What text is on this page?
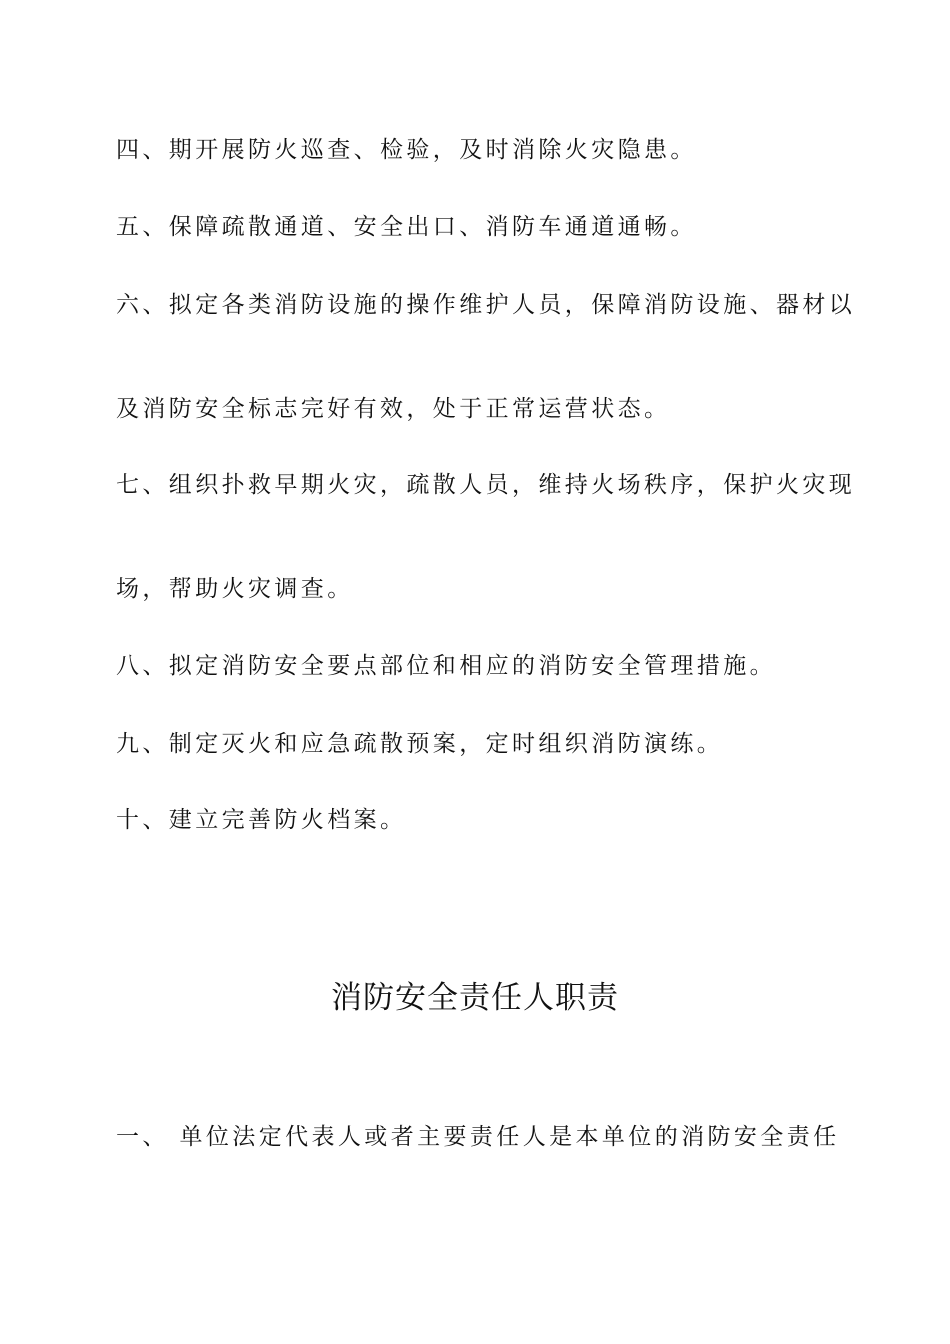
四、期开展防火巡查、检验，及时消除火灾隐患。
五、保障疏散通道、安全出口、消防车通道通畅。
六、拟定各类消防设施的操作维护人员，保障消防设施、器材以
及消防安全标志完好有效，处于正常运营状态。
七、组织扑救早期火灾，疏散人员，维持火场秩序，保护火灾现
场，帮助火灾调查。
八、拟定消防安全要点部位和相应的消防安全管理措施。
九、制定灭火和应急疏散预案，定时组织消防演练。
十、建立完善防火档案。
消防安全责任人职责
一、 单位法定代表人或者主要责任人是本单位的消防安全责任
